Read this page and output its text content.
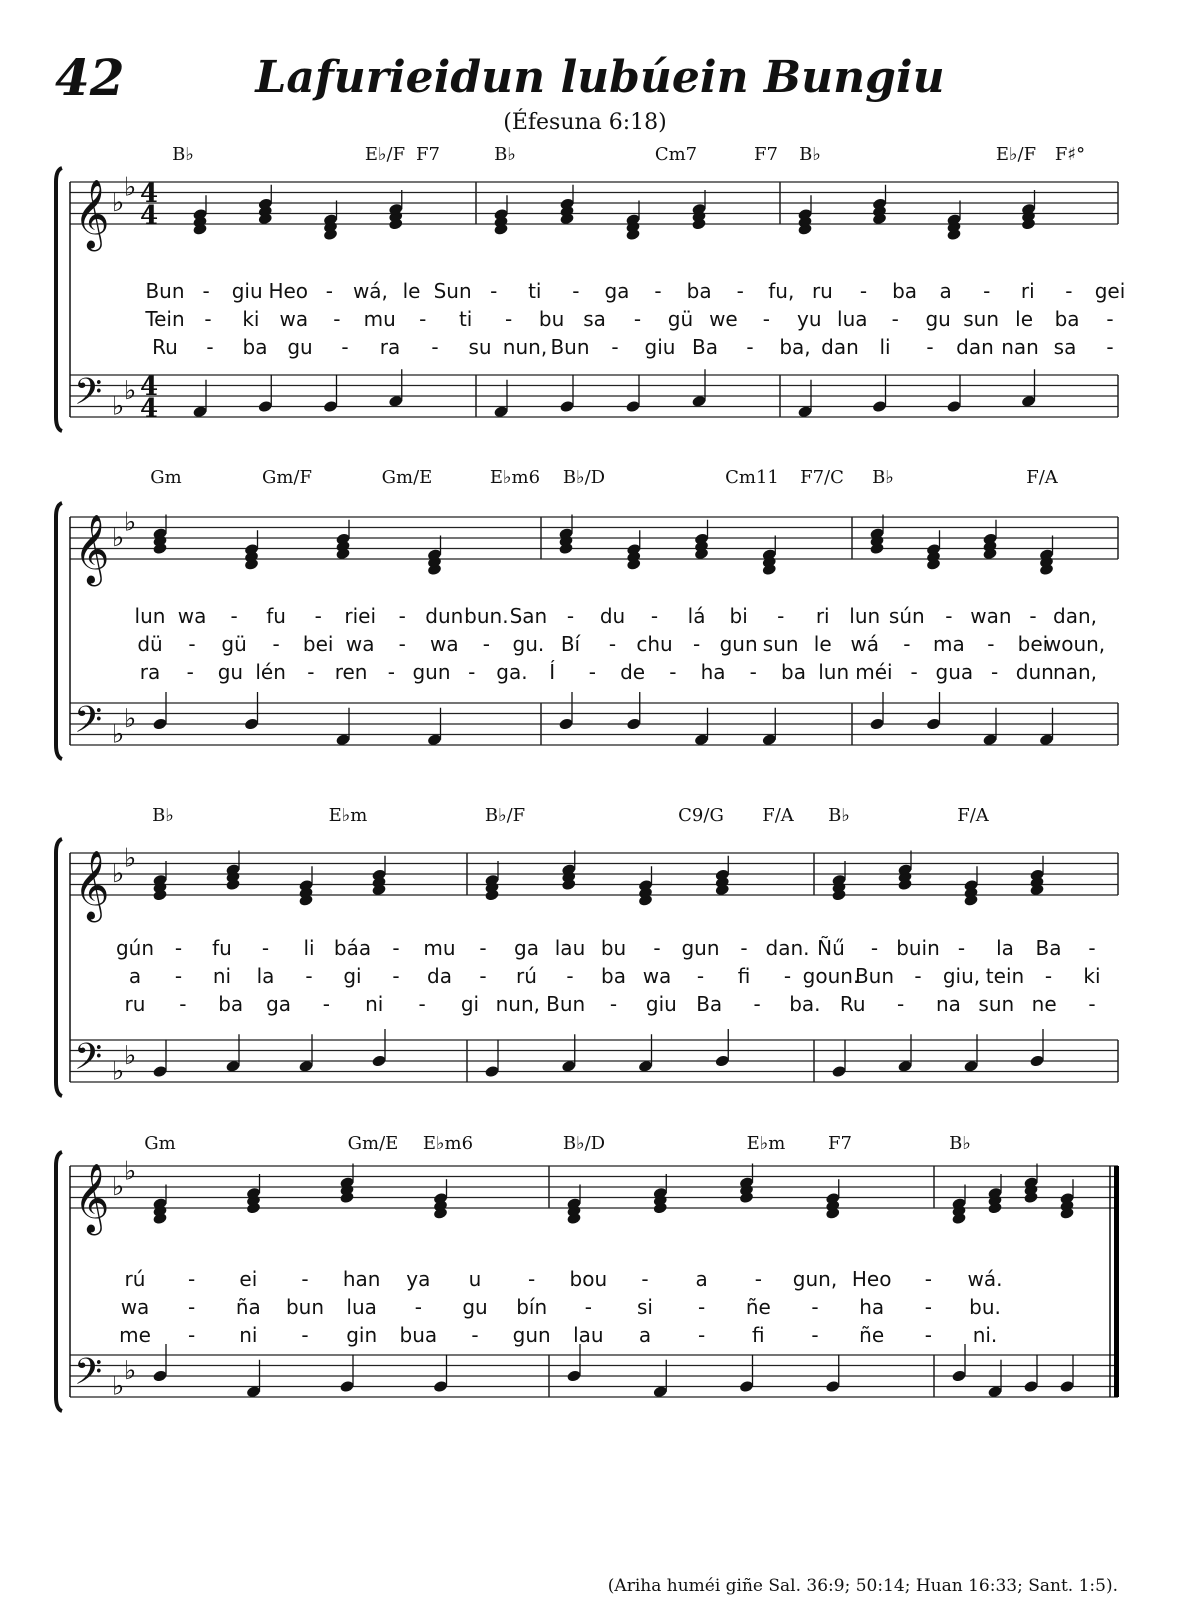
42	Lafurieidun lubúein Bungiu
(Éfesuna 6:18)
𝄞
𝄢
♭
♭
♭
♭
4
4
4
4
B♭	E♭/F F7	B♭	Cm7	F7 B♭	E♭/F F♯°
Bun - giu Heo - wá, le Sun - ti - ga - ba - fu, ru - ba a - ri - gei
Tein - ki wa - mu - ti - bu sa - gü we - yu lua - gu sun le ba -
Ru - ba gu - ra - su nun, Bun - giu Ba - ba, dan li - dan nan sa -
𝄞
𝄢
♭
♭
♭
♭
Gm	Gm/F	Gm/E	E♭m6 B♭/D	Cm11 F7/C B♭	F/A
lun wa - fu - riei - dun bun. San - du - lá bi - ri lun sún - wan - dan,
dü - gü - bei wa - wa - gu. Bí - chu - gun sun le wá - ma - bei
woun,
ra - gu lén - ren - gun - ga. Í - de - ha - ba lun méi - gua - dun nan,
𝄞
𝄢
♭
♭
♭
♭
B♭	E♭m	B♭/F	C9/G F/A B♭	F/A
gún - fu - li báa - mu - ga lau bu - gun - dan. Ñű - buin - la Ba -
a - ni la - gi - da - rú - ba wa - fi - goun.
Bun - giu, tein - ki
ru - ba ga - ni - gi nun, Bun - giu Ba - ba. Ru - na sun ne -
𝄞
𝄢
♭
♭
♭
♭
Gm	Gm/E E♭m6	B♭/D	E♭m F7	B♭
rú - ei - han ya u - bou - a - gun, Heo - wá.
wa - ña bun lua - gu bín - si - ñe - ha - bu.
me - ni - gin bua - gun lau a - fi - ñe - ni.
(Ariha huméi giñe Sal. 36:9; 50:14; Huan 16:33; Sant. 1:5).
